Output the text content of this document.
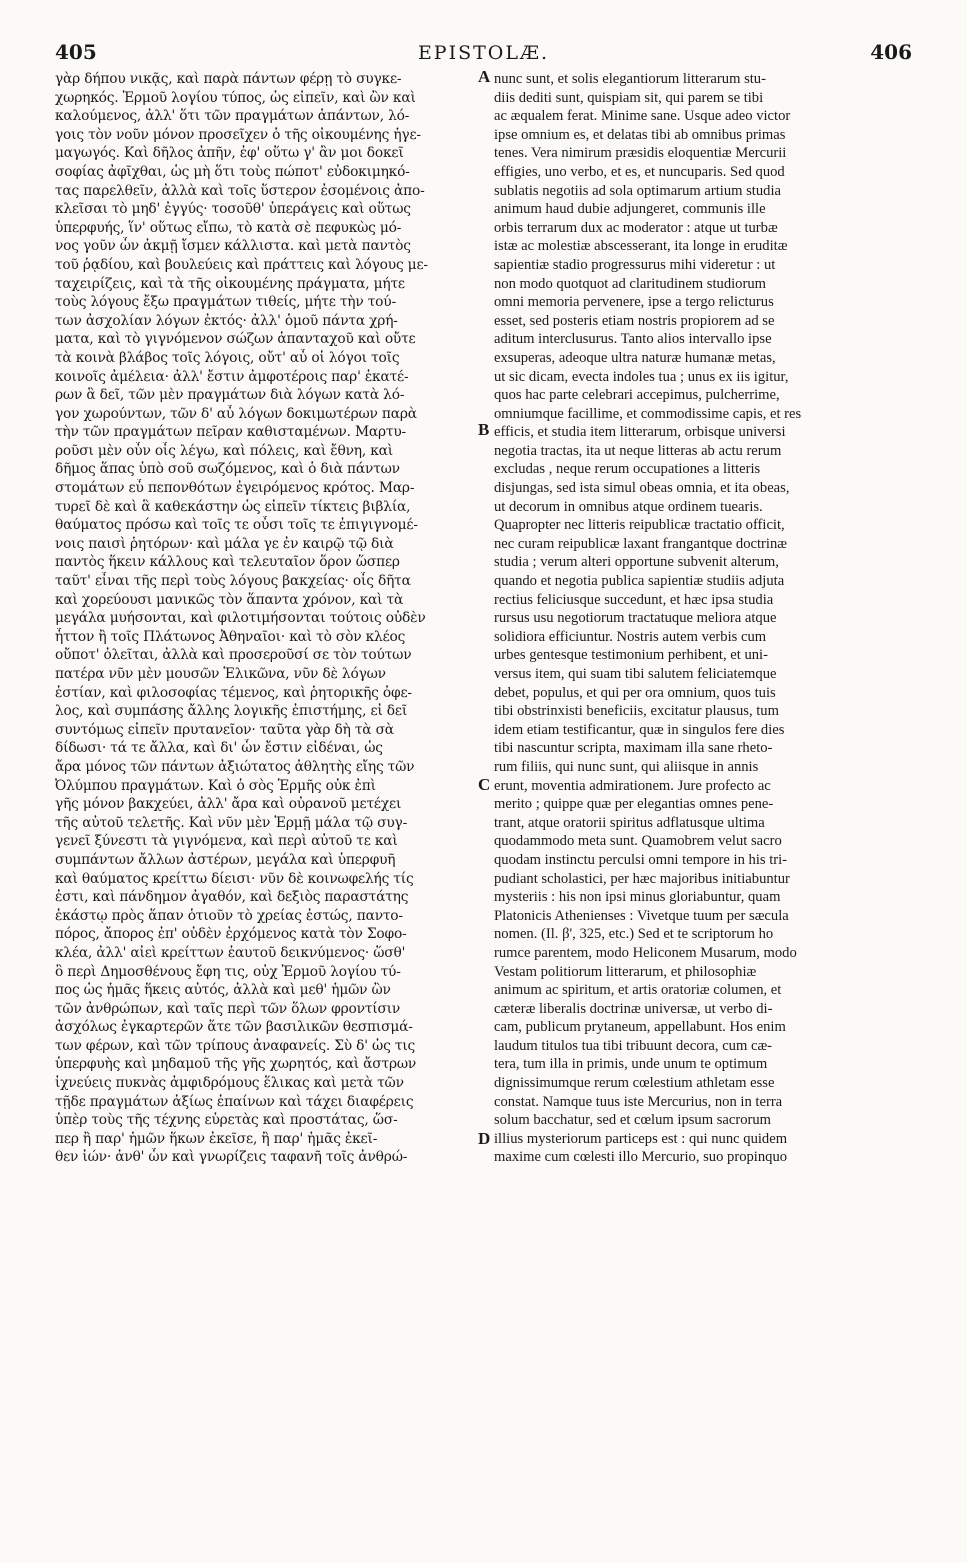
405	EPISTOLÆ.	406
γὰρ δήπου νικᾷς, καὶ παρὰ πάντων φέρῃ τὸ συγκε-
χωρηκός. Ἑρμοῦ λογίου τύπος, ὡς εἰπεῖν, καὶ ὢν καὶ
καλούμενος, ἀλλ' ὅτι τῶν πραγμάτων ἁπάντων, λό-
γοις τὸν νοῦν μόνον προσεῖχεν ὁ τῆς οἰκουμένης ἡγε-
μαγωγός. Καὶ δῆλος ἀπῆν, ἐφ' οὕτω γ' ἂν μοι δοκεῖ
σοφίας ἀφῖχθαι, ὡς μὴ ὅτι τοὺς πώποτ' εὐδοκιμηκό-
τας παρελθεῖν, ἀλλὰ καὶ τοῖς ὕστερον ἐσομένοις ἀπο-
κλεῖσαι τὸ μηδ' ἐγγύς· τοσοῦθ' ὑπεράγεις καὶ οὕτως
ὑπερφυής, ἵν' οὕτως εἴπω, τὸ κατὰ σὲ πεφυκὼς μό-
νος γοῦν ὧν ἀκμῇ ἴσμεν κάλλιστα. καὶ μετὰ παντὸς
τοῦ ῥᾳδίου, καὶ βουλεύεις καὶ πράττεις καὶ λόγους με-
ταχειρίζεις, καὶ τὰ τῆς οἰκουμένης πράγματα, μήτε
τοὺς λόγους ἔξω πραγμάτων τιθείς, μήτε τὴν τού-
των ἀσχολίαν λόγων ἐκτός· ἀλλ' ὁμοῦ πάντα χρή-
ματα, καὶ τὸ γιγνόμενον σώζων ἁπανταχοῦ καὶ οὔτε
τὰ κοινὰ βλάβος τοῖς λόγοις, οὔτ' αὖ οἱ λόγοι τοῖς
κοινοῖς ἀμέλεια· ἀλλ' ἔστιν ἀμφοτέροις παρ' ἑκατέ-
ρων ἃ δεῖ, τῶν μὲν πραγμάτων διὰ λόγων κατὰ λό-
γον χωρούντων, τῶν δ' αὖ λόγων δοκιμωτέρων παρὰ
τὴν τῶν πραγμάτων πεῖραν καθισταμένων. Μαρτυ-
ροῦσι μὲν οὖν οἷς λέγω, καὶ πόλεις, καὶ ἔθνη, καὶ
δῆμος ἅπας ὑπὸ σοῦ σωζόμενος, καὶ ὁ διὰ πάντων
στομάτων εὖ πεπονθότων ἐγειρόμενος κρότος. Μαρ-
τυρεῖ δὲ καὶ ἃ καθεκάστην ὡς εἰπεῖν τίκτεις βιβλία,
θαύματος πρόσω καὶ τοῖς τε οὖσι τοῖς τε ἐπιγιγνομέ-
νοις παισὶ ῥητόρων· καὶ μάλα γε ἐν καιρῷ τῷ διὰ
παντὸς ἥκειν κάλλους καὶ τελευταῖον ὅρον ὥσπερ
ταῦτ' εἶναι τῆς περὶ τοὺς λόγους βακχείας· οἷς δῆτα
καὶ χορεύουσι μανικῶς τὸν ἅπαντα χρόνον, καὶ τὰ
μεγάλα μυήσονται, καὶ φιλοτιμήσονται τούτοις οὐδὲν
ἧττον ἢ τοῖς Πλάτωνος Ἀθηναῖοι· καὶ τὸ σὸν κλέος
οὔποτ' ὀλεῖται, ἀλλὰ καὶ προσεροῦσί σε τὸν τούτων
πατέρα νῦν μὲν μουσῶν Ἑλικῶνα, νῦν δὲ λόγων
ἑστίαν, καὶ φιλοσοφίας τέμενος, καὶ ῥητορικῆς ὀφε-
λος, καὶ συμπάσης ἄλλης λογικῆς ἐπιστήμης, εἰ δεῖ
συντόμως εἰπεῖν πρυτανεῖον· ταῦτα γὰρ δὴ τὰ σὰ
δίδωσι· τά τε ἄλλα, καὶ δι' ὧν ἔστιν εἰδέναι, ὡς
ἄρα μόνος τῶν πάντων ἀξιώτατος ἀθλητὴς εἴης τῶν
Ὀλύμπου πραγμάτων. Καὶ ὁ σὸς Ἑρμῆς οὐκ ἐπὶ
γῆς μόνον βακχεύει, ἀλλ' ἄρα καὶ οὐρανοῦ μετέχει
τῆς αὐτοῦ τελετῆς. Καὶ νῦν μὲν Ἑρμῇ μάλα τῷ συγ-
γενεῖ ξύνεστι τὰ γιγνόμενα, καὶ περὶ αὐτοῦ τε καὶ
συμπάντων ἄλλων ἀστέρων, μεγάλα καὶ ὑπερφυῆ
καὶ θαύματος κρείττω δίεισι· νῦν δὲ κοινωφελής τίς
ἐστι, καὶ πάνδημον ἀγαθόν, καὶ δεξιὸς παραστάτης
ἑκάστῳ πρὸς ἅπαν ὁτιοῦν τὸ χρείας ἐστώς, παντο-
πόρος, ἄπορος ἐπ' οὐδὲν ἐρχόμενος κατὰ τὸν Σοφο-
κλέα, ἀλλ' αἰεὶ κρείττων ἑαυτοῦ δεικνύμενος· ὥσθ'
ὃ περὶ Δημοσθένους ἔφη τις, οὐχ Ἑρμοῦ λογίου τύ-
πος ὡς ἡμᾶς ἥκεις αὐτός, ἀλλὰ καὶ μεθ' ἡμῶν ὢν
τῶν ἀνθρώπων, καὶ ταῖς περὶ τῶν ὅλων φροντίσιν
ἀσχόλως ἐγκαρτερῶν ἅτε τῶν βασιλικῶν θεσπισμά-
των φέρων, καὶ τῶν τρίπους ἀναφανείς. Σὺ δ' ὡς τις
ὑπερφυὴς καὶ μηδαμοῦ τῆς γῆς χωρητός, καὶ ἄστρων
ἰχνεύεις πυκνὰς ἀμφιδρόμους ἕλικας καὶ μετὰ τῶν
τῇδε πραγμάτων ἀξίως ἐπαίνων καὶ τάχει διαφέρεις
ὑπὲρ τοὺς τῆς τέχνης εὑρετὰς καὶ προστάτας, ὥσ-
περ ἢ παρ' ἡμῶν ἥκων ἐκεῖσε, ἢ παρ' ἡμᾶς ἐκεῖ-
θεν ἰών· ἀνθ' ὧν καὶ γνωρίζεις ταφανῆ τοῖς ἀνθρώ-
nunc sunt, et solis elegantiorum litterarum stu-
diis dediti sunt, quispiam sit, qui parem se tibi
ac æqualem ferat. Minime sane. Usque adeo victor
ipse omnium es, et delatas tibi ab omnibus primas
tenes. Vera nimirum præsidis eloquentiæ Mercurii
effigies, uno verbo, et es, et nuncuparis. Sed quod
sublatis negotiis ad sola optimarum artium studia
animum haud dubie adjungeret, communis ille
orbis terrarum dux ac moderator : atque ut turbæ
istæ ac molestiæ abscesserant, ita longe in eruditæ
sapientiæ stadio progressurus mihi videretur : ut
non modo quotquot ad claritudinem studiorum
omni memoria pervenere, ipse a tergo relicturus
esset, sed posteris etiam nostris propiorem ad se
aditum interclusurus. Tanto alios intervallo ipse
exsuperas, adeoque ultra naturæ humanæ metas,
ut sic dicam, evecta indoles tua ; unus ex iis igitur,
quos hac parte celebrari accepimus, pulcherrime,
omniumque facillime, et commodissime capis, et res
efficis, et studia item litterarum, orbisque universi
negotia tractas, ita ut neque litteras ab actu rerum
excludas , neque rerum occupationes a litteris
disjungas, sed ista simul obeas omnia, et ita obeas,
ut decorum in omnibus atque ordinem tuearis.
Quapropter nec litteris reipublicæ tractatio officit,
nec curam reipublicæ laxant frangantque doctrinæ
studia ; verum alteri opportune subvenit alterum,
quando et negotia publica sapientiæ studiis adjuta
rectius feliciusque succedunt, et hæc ipsa studia
rursus usu negotiorum tractatuque meliora atque
solidiora efficiuntur. Nostris autem verbis cum
urbes gentesque testimonium perhibent, et uni-
versus item, qui suam tibi salutem feliciatemque
debet, populus, et qui per ora omnium, quos tuis
tibi obstrinxisti beneficiis, excitatur plausus, tum
idem etiam testificantur, quæ in singulos fere dies
tibi nascuntur scripta, maximam illa sane rheto-
rum filiis, qui nunc sunt, qui aliisque in annis
erunt, moventia admirationem. Jure profecto ac
merito ; quippe quæ per elegantias omnes pene-
trant, atque oratorii spiritus adflatusque ultima
quodammodo meta sunt. Quamobrem velut sacro
quodam instinctu perculsi omni tempore in his tri-
pudiant scholastici, per hæc majoribus initiabuntur
mysteriis : his non ipsi minus gloriabuntur, quam
Platonicis Athenienses : Vivetque tuum per sæcula
nomen. (Il. β', 325, etc.) Sed et te scriptorum ho
rumce parentem, modo Heliconem Musarum, modo
Vestam politiorum litterarum, et philosophiæ
animum ac spiritum, et artis oratoriæ columen, et
cæteræ liberalis doctrinæ universæ, ut verbo di-
cam, publicum prytaneum, appellabunt. Hos enim
laudum titulos tua tibi tribuunt decora, cum cæ-
tera, tum illa in primis, unde unum te optimum
dignissimumque rerum cœlestium athletam esse
constat. Namque tuus iste Mercurius, non in terra
solum bacchatur, sed et cœlum ipsum sacrorum
illius mysteriorum particeps est : qui nunc quidem
maxime cum cœlesti illo Mercurio, suo propinquo
A
B
C
D
